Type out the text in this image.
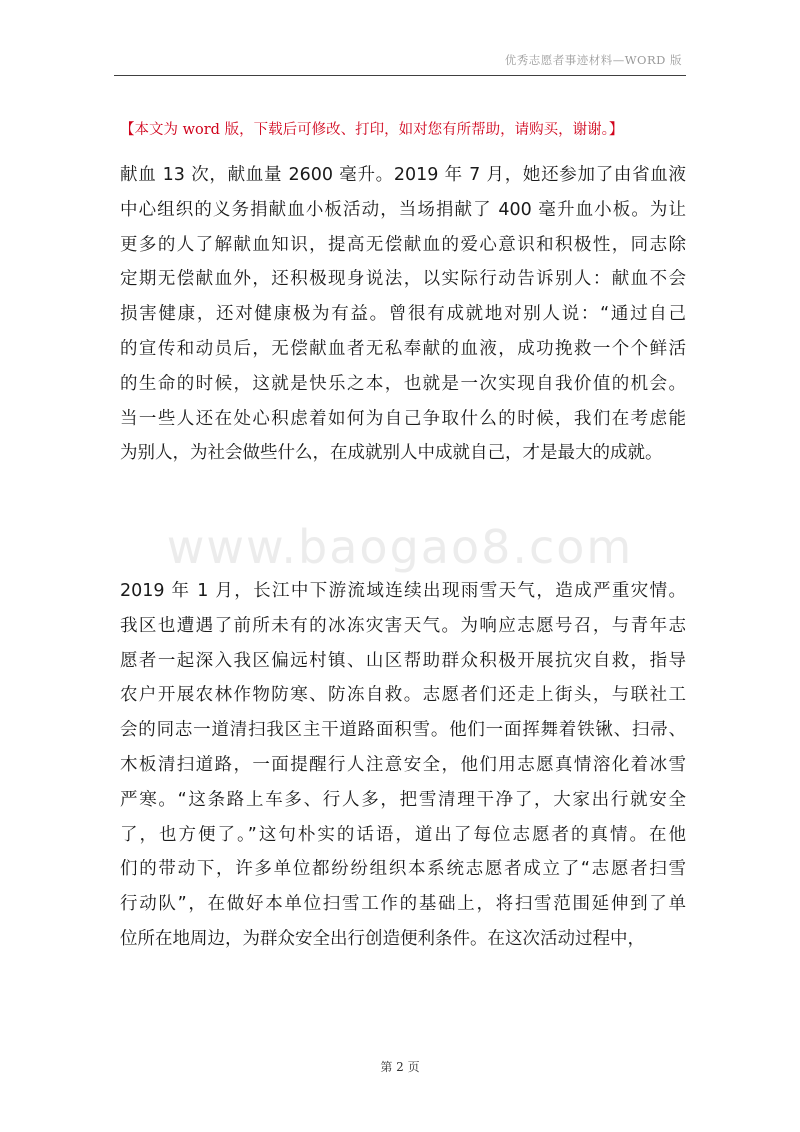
优秀志愿者事迹材料—WORD 版
【本文为 word 版，下载后可修改、打印，如对您有所帮助，请购买，谢谢。】
献血 13 次，献血量 2600 毫升。2019 年 7 月，她还参加了由省血液
中心组织的义务捐献血小板活动，当场捐献了 400 毫升血小板。为让
更多的人了解献血知识，提高无偿献血的爱心意识和积极性，同志除
定期无偿献血外，还积极现身说法，以实际行动告诉别人：献血不会
损害健康，还对健康极为有益。曾很有成就地对别人说：“通过自己
的宣传和动员后，无偿献血者无私奉献的血液，成功挽救一个个鲜活
的生命的时候，这就是快乐之本，也就是一次实现自我价值的机会。
当一些人还在处心积虑着如何为自己争取什么的时候，我们在考虑能
为别人，为社会做些什么，在成就别人中成就自己，才是最大的成就。
www.baogao8.com
2019 年 1 月，长江中下游流域连续出现雨雪天气，造成严重灾情。
我区也遭遇了前所未有的冰冻灾害天气。为响应志愿号召，与青年志
愿者一起深入我区偏远村镇、山区帮助群众积极开展抗灾自救，指导
农户开展农林作物防寒、防冻自救。志愿者们还走上街头，与联社工
会的同志一道清扫我区主干道路面积雪。他们一面挥舞着铁锹、扫帚、
木板清扫道路，一面提醒行人注意安全，他们用志愿真情溶化着冰雪
严寒。“这条路上车多、行人多，把雪清理干净了，大家出行就安全
了，也方便了。”这句朴实的话语，道出了每位志愿者的真情。在他
们的带动下，许多单位都纷纷组织本系统志愿者成立了“志愿者扫雪
行动队”，在做好本单位扫雪工作的基础上，将扫雪范围延伸到了单
位所在地周边，为群众安全出行创造便利条件。在这次活动过程中，
第 2 页
